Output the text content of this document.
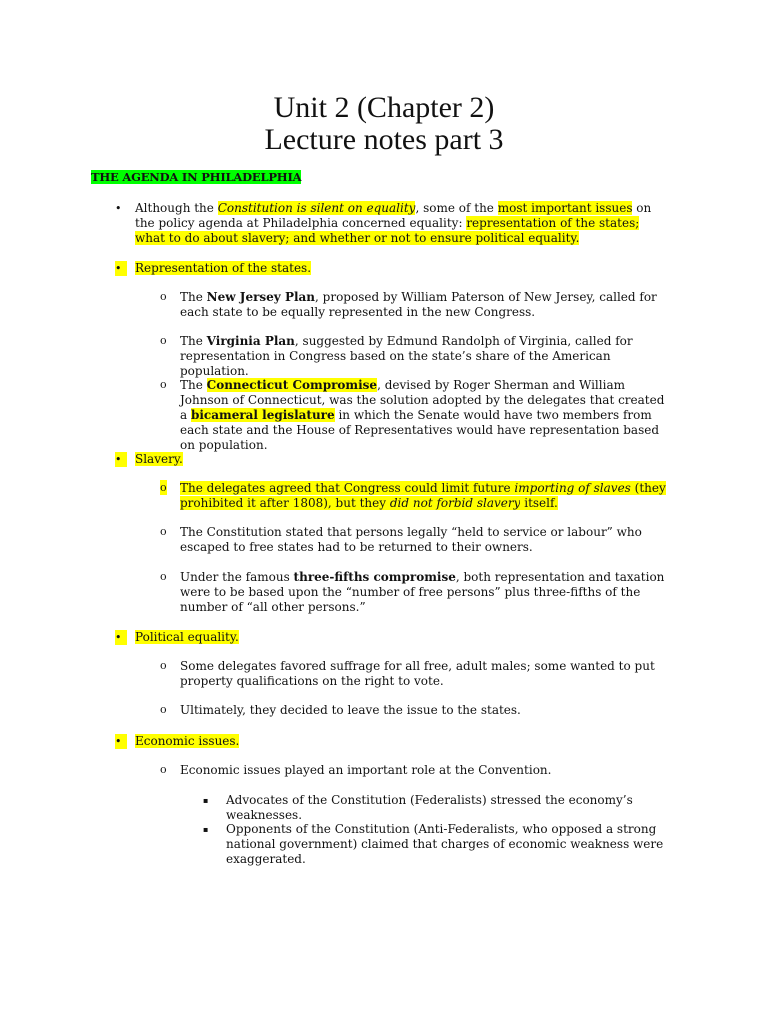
Unit 2 (Chapter 2)
Lecture notes part 3
THE AGENDA IN PHILADELPHIA
•	Although the Constitution is silent on equality, some of the most important issues on the policy agenda at Philadelphia concerned equality: representation of the states; what to do about slavery; and whether or not to ensure political equality.
•	Representation of the states.
o The New Jersey Plan, proposed by William Paterson of New Jersey, called for each state to be equally represented in the new Congress.
o The Virginia Plan, suggested by Edmund Randolph of Virginia, called for representation in Congress based on the state’s share of the American population.
o The Connecticut Compromise, devised by Roger Sherman and William Johnson of Connecticut, was the solution adopted by the delegates that created a bicameral legislature in which the Senate would have two members from each state and the House of Representatives would have representation based on population.
•	Slavery.
o The delegates agreed that Congress could limit future importing of slaves (they prohibited it after 1808), but they did not forbid slavery itself.
o The Constitution stated that persons legally “held to service or labour” who escaped to free states had to be returned to their owners.
o Under the famous three-fifths compromise, both representation and taxation were to be based upon the “number of free persons” plus three-fifths of the number of “all other persons.”
•	Political equality.
o Some delegates favored suffrage for all free, adult males; some wanted to put property qualifications on the right to vote.
o Ultimately, they decided to leave the issue to the states.
•	Economic issues.
o Economic issues played an important role at the Convention.
▪ Advocates of the Constitution (Federalists) stressed the economy’s weaknesses.
▪ Opponents of the Constitution (Anti-Federalists, who opposed a strong national government) claimed that charges of economic weakness were exaggerated.
